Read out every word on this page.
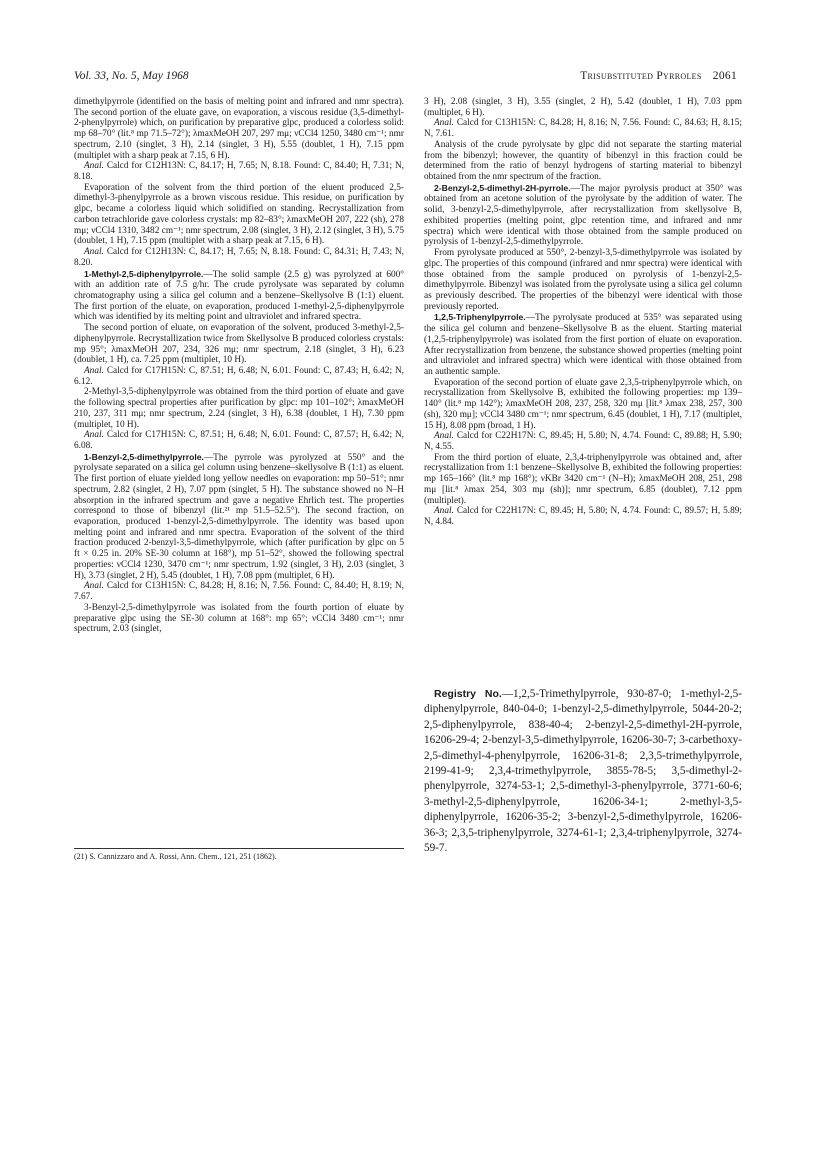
Vol. 33, No. 5, May 1968	Trisubstituted Pyrroles 2061

dimethylpyrrole (identified on the basis of melting point and infrared and nmr spectra). The second portion of the eluate gave, on evaporation, a viscous residue (3,5-dimethyl-2-phenylpyrrole) which, on purification by preparative glpc, produced a colorless solid: mp 68–70° (lit.⁸ mp 71.5–72°); λmaxMeOH 207, 297 mμ; νCCl4 1250, 3480 cm⁻¹; nmr spectrum, 2.10 (singlet, 3 H), 2.14 (singlet, 3 H), 5.55 (doublet, 1 H), 7.15 ppm (multiplet with a sharp peak at 7.15, 6 H).

Anal. Calcd for C12H13N: C, 84.17; H, 7.65; N, 8.18. Found: C, 84.40; H, 7.31; N, 8.18.

Evaporation of the solvent from the third portion of the eluent produced 2,5-dimethyl-3-phenylpyrrole as a brown viscous residue. This residue, on purification by glpc, became a colorless liquid which solidified on standing. Recrystallization from carbon tetrachloride gave colorless crystals: mp 82–83°; λmaxMeOH 207, 222 (sh), 278 mμ; νCCl4 1310, 3482 cm⁻¹; nmr spectrum, 2.08 (singlet, 3 H), 2.12 (singlet, 3 H), 5.75 (doublet, 1 H), 7.15 ppm (multiplet with a sharp peak at 7.15, 6 H).

Anal. Calcd for C12H13N: C, 84.17; H, 7.65; N, 8.18. Found: C, 84.31; H, 7.43; N, 8.20.

1-Methyl-2,5-diphenylpyrrole.—The solid sample (2.5 g) was pyrolyzed at 600° with an addition rate of 7.5 g/hr. The crude pyrolysate was separated by column chromatography using a silica gel column and a benzene–Skellysolve B (1:1) eluent. The first portion of the eluate, on evaporation, produced 1-methyl-2,5-diphenylpyrrole which was identified by its melting point and ultraviolet and infrared spectra.

The second portion of eluate, on evaporation of the solvent, produced 3-methyl-2,5-diphenylpyrrole. Recrystallization twice from Skellysolve B produced colorless crystals: mp 95°; λmaxMeOH 207, 234, 326 mμ; nmr spectrum, 2.18 (singlet, 3 H), 6.23 (doublet, 1 H), ca. 7.25 ppm (multiplet, 10 H).

Anal. Calcd for C17H15N: C, 87.51; H, 6.48; N, 6.01. Found: C, 87.43; H, 6.42; N, 6.12.

2-Methyl-3,5-diphenylpyrrole was obtained from the third portion of eluate and gave the following spectral properties after purification by glpc: mp 101–102°; λmaxMeOH 210, 237, 311 mμ; nmr spectrum, 2.24 (singlet, 3 H), 6.38 (doublet, 1 H), 7.30 ppm (multiplet, 10 H).

Anal. Calcd for C17H15N: C, 87.51; H, 6.48; N, 6.01. Found: C, 87.57; H, 6.42; N, 6.08.

1-Benzyl-2,5-dimethylpyrrole.—The pyrrole was pyrolyzed at 550° and the pyrolysate separated on a silica gel column using benzene–skellysolve B (1:1) as eluent. The first portion of eluate yielded long yellow needles on evaporation: mp 50–51°; nmr spectrum, 2.82 (singlet, 2 H), 7.07 ppm (singlet, 5 H). The substance showed no N–H absorption in the infrared spectrum and gave a negative Ehrlich test. The properties correspond to those of bibenzyl (lit.²¹ mp 51.5–52.5°). The second fraction, on evaporation, produced 1-benzyl-2,5-dimethylpyrrole. The identity was based upon melting point and infrared and nmr spectra. Evaporation of the solvent of the third fraction produced 2-benzyl-3,5-dimethylpyrrole, which (after purification by glpc on 5 ft × 0.25 in. 20% SE-30 column at 168°), mp 51–52°, showed the following spectral properties: νCCl4 1230, 3470 cm⁻¹; nmr spectrum, 1.92 (singlet, 3 H), 2.03 (singlet, 3 H), 3.73 (singlet, 2 H), 5.45 (doublet, 1 H), 7.08 ppm (multiplet, 6 H).

Anal. Calcd for C13H15N: C, 84.28; H, 8.16; N, 7.56. Found: C, 84.40; H, 8.19; N, 7.67.

3-Benzyl-2,5-dimethylpyrrole was isolated from the fourth portion of eluate by preparative glpc using the SE-30 column at 168°: mp 65°; νCCl4 3480 cm⁻¹; nmr spectrum, 2.03 (singlet,

(21) S. Cannizzaro and A. Rossi, Ann. Chem., 121, 251 (1862).

3 H), 2.08 (singlet, 3 H), 3.55 (singlet, 2 H), 5.42 (doublet, 1 H), 7.03 ppm (multiplet, 6 H).

Anal. Calcd for C13H15N: C, 84.28; H, 8.16; N, 7.56. Found: C, 84.63; H, 8.15; N, 7.61.

Analysis of the crude pyrolysate by glpc did not separate the starting material from the bibenzyl; however, the quantity of bibenzyl in this fraction could be determined from the ratio of benzyl hydrogens of starting material to bibenzyl obtained from the nmr spectrum of the fraction.

2-Benzyl-2,5-dimethyl-2H-pyrrole.—The major pyrolysis product at 350° was obtained from an acetone solution of the pyrolysate by the addition of water. The solid, 3-benzyl-2,5-dimethylpyrrole, after recrystallization from skellysolve B, exhibited properties (melting point, glpc retention time, and infrared and nmr spectra) which were identical with those obtained from the sample produced on pyrolysis of 1-benzyl-2,5-dimethylpyrrole.

From pyrolysate produced at 550°, 2-benzyl-3,5-dimethylpyrrole was isolated by glpc. The properties of this compound (infrared and nmr spectra) were identical with those obtained from the sample produced on pyrolysis of 1-benzyl-2,5-dimethylpyrrole. Bibenzyl was isolated from the pyrolysate using a silica gel column as previously described. The properties of the bibenzyl were identical with those previously reported.

1,2,5-Triphenylpyrrole.—The pyrolysate produced at 535° was separated using the silica gel column and benzene–Skellysolve B as the eluent. Starting material (1,2,5-triphenylpyrrole) was isolated from the first portion of eluate on evaporation. After recrystallization from benzene, the substance showed properties (melting point and ultraviolet and infrared spectra) which were identical with those obtained from an authentic sample.

Evaporation of the second portion of eluate gave 2,3,5-triphenylpyrrole which, on recrystallization from Skellysolve B, exhibited the following properties: mp 139–140° (lit.⁸ mp 142°); λmaxMeOH 208, 237, 258, 320 mμ [lit.⁸ λmax 238, 257, 300 (sh), 320 mμ]; νCCl4 3480 cm⁻¹; nmr spectrum, 6.45 (doublet, 1 H), 7.17 (multiplet, 15 H), 8.08 ppm (broad, 1 H).

Anal. Calcd for C22H17N: C, 89.45; H, 5.80; N, 4.74. Found: C, 89.88; H, 5.90; N, 4.55.

From the third portion of eluate, 2,3,4-triphenylpyrrole was obtained and, after recrystallization from 1:1 benzene–Skellysolve B, exhibited the following properties: mp 165–166° (lit.⁸ mp 168°); νKBr 3420 cm⁻¹ (N–H); λmaxMeOH 208, 251, 298 mμ [lit.⁸ λmax 254, 303 mμ (sh)]; nmr spectrum, 6.85 (doublet), 7.12 ppm (multiplet).

Anal. Calcd for C22H17N: C, 89.45; H, 5.80; N, 4.74. Found: C, 89.57; H, 5.89; N, 4.84.

Registry No.—1,2,5-Trimethylpyrrole, 930-87-0; 1-methyl-2,5-diphenylpyrrole, 840-04-0; 1-benzyl-2,5-dimethylpyrrole, 5044-20-2; 2,5-diphenylpyrrole, 838-40-4; 2-benzyl-2,5-dimethyl-2H-pyrrole, 16206-29-4; 2-benzyl-3,5-dimethylpyrrole, 16206-30-7; 3-carbethoxy-2,5-dimethyl-4-phenylpyrrole, 16206-31-8; 2,3,5-trimethylpyrrole, 2199-41-9; 2,3,4-trimethylpyrrole, 3855-78-5; 3,5-dimethyl-2-phenylpyrrole, 3274-53-1; 2,5-dimethyl-3-phenylpyrrole, 3771-60-6; 3-methyl-2,5-diphenylpyrrole, 16206-34-1; 2-methyl-3,5-diphenylpyrrole, 16206-35-2; 3-benzyl-2,5-dimethylpyrrole, 16206-36-3; 2,3,5-triphenylpyrrole, 3274-61-1; 2,3,4-triphenylpyrrole, 3274-59-7.
